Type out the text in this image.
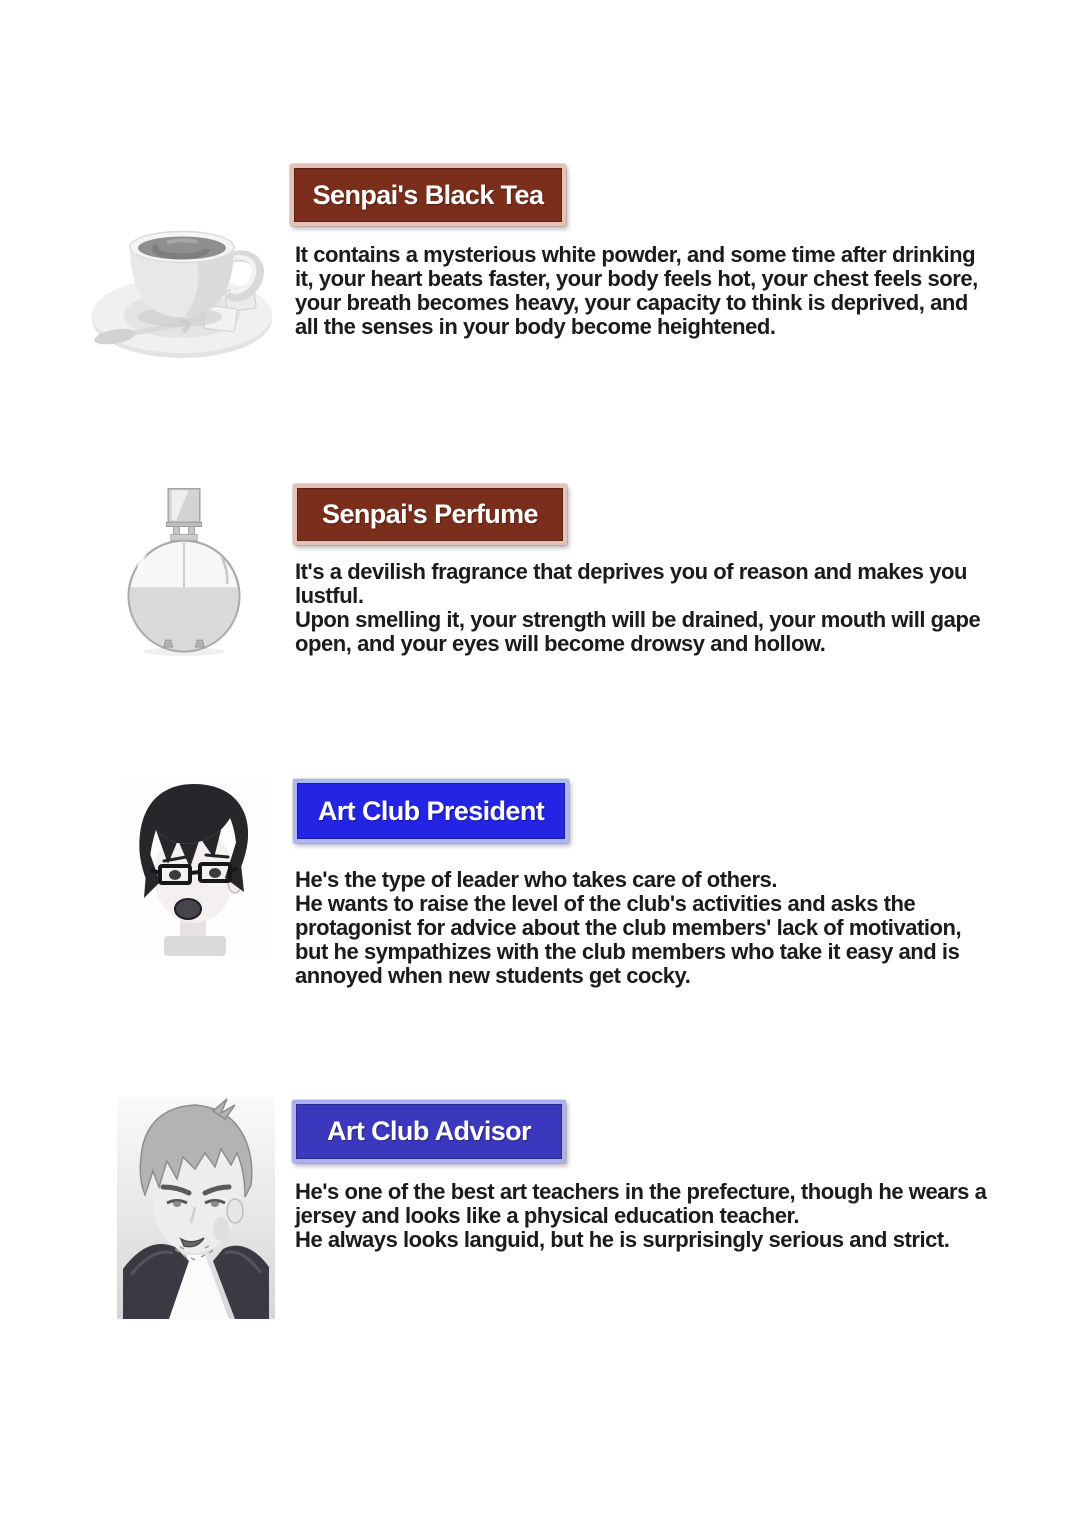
Senpai's Black Tea

It contains a mysterious white powder, and some time after drinking it, your heart beats faster, your body feels hot, your chest feels sore, your breath becomes heavy, your capacity to think is deprived, and all the senses in your body become heightened.

Senpai's Perfume

It's a devilish fragrance that deprives you of reason and makes you lustful.

Upon smelling it, your strength will be drained, your mouth will gape open, and your eyes will become drowsy and hollow.

Art Club President

He's the type of leader who takes care of others.

He wants to raise the level of the club's activities and asks the protagonist for advice about the club members' lack of motivation, but he sympathizes with the club members who take it easy and is annoyed when new students get cocky.

Art Club Advisor

He's one of the best art teachers in the prefecture, though he wears a jersey and looks like a physical education teacher.

He always looks languid, but he is surprisingly serious and strict.
